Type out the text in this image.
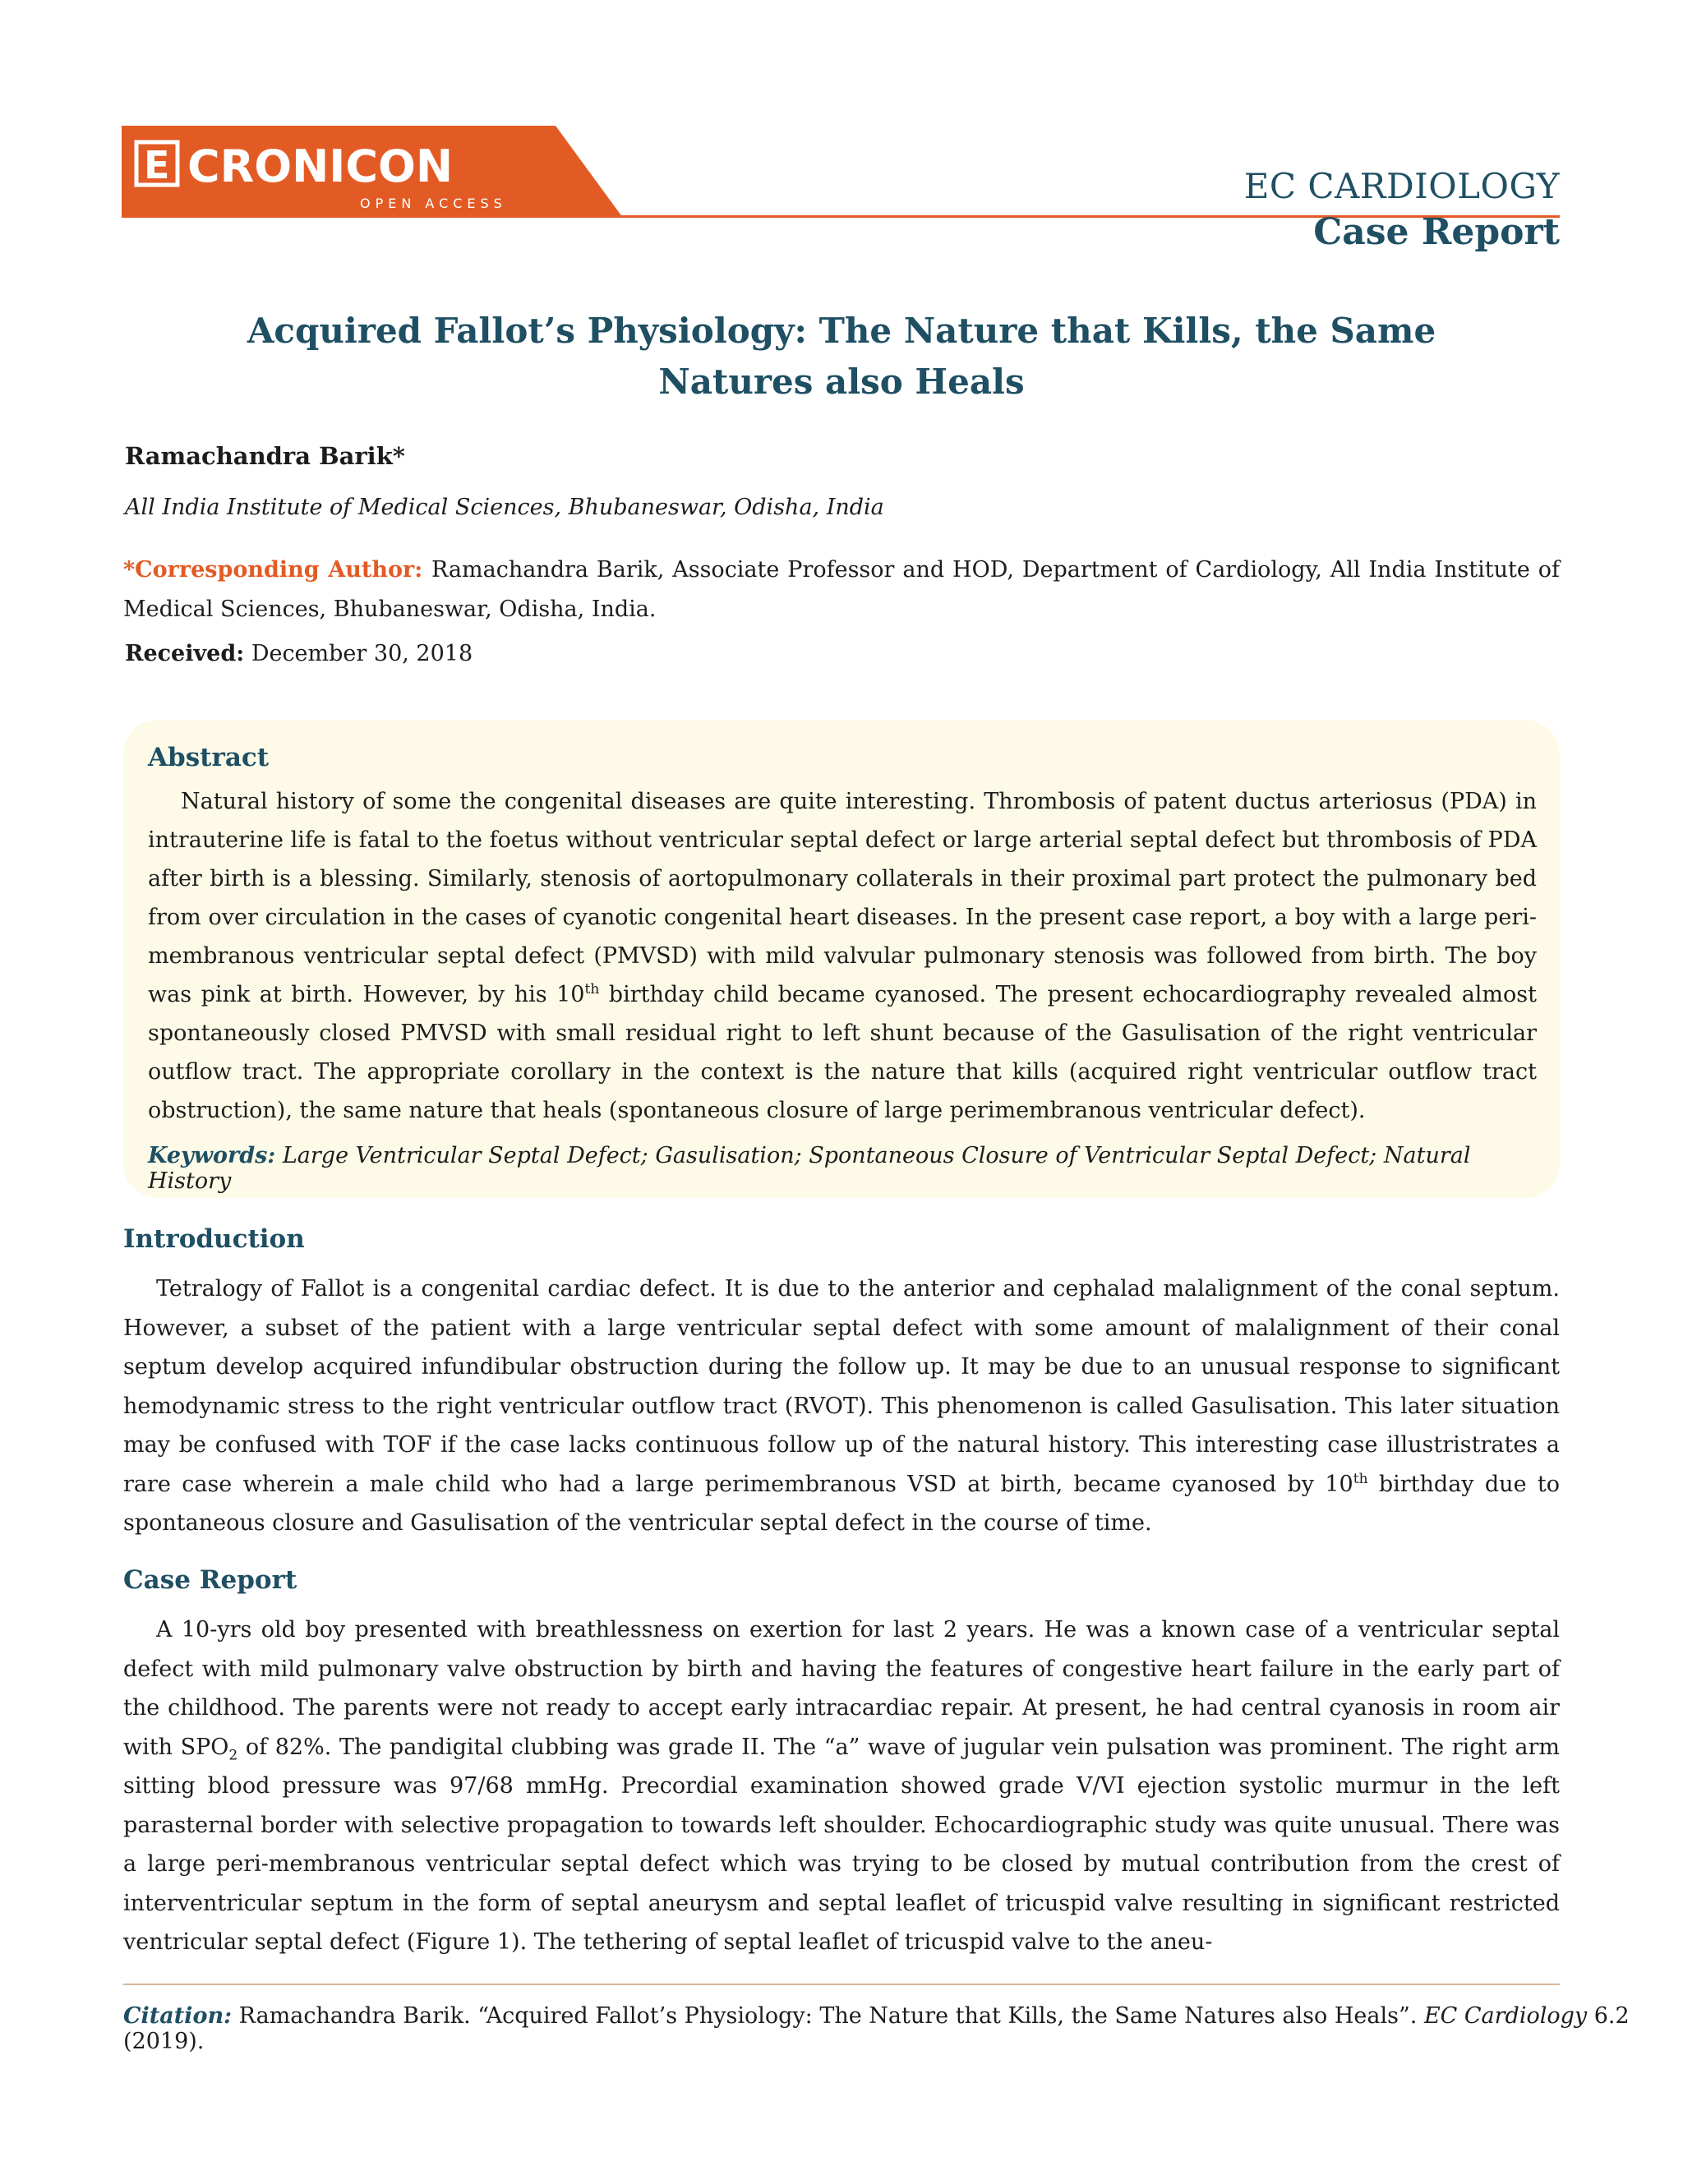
E CRONICON
OPEN ACCESS	EC CARDIOLOGY
Case Report
Acquired Fallot’s Physiology: The Nature that Kills, the Same
Natures also Heals
Ramachandra Barik*
All India Institute of Medical Sciences, Bhubaneswar, Odisha, India
*Corresponding Author: Ramachandra Barik, Associate Professor and HOD, Department of Cardiology, All India Institute of Medical Sciences, Bhubaneswar, Odisha, India.
Received: December 30, 2018
Abstract

Natural history of some the congenital diseases are quite interesting. Thrombosis of patent ductus arteriosus (PDA) in intrauterine life is fatal to the foetus without ventricular septal defect or large arterial septal defect but thrombosis of PDA after birth is a blessing. Similarly, stenosis of aortopulmonary collaterals in their proximal part protect the pulmonary bed from over circulation in the cases of cyanotic congenital heart diseases. In the present case report, a boy with a large peri-membranous ventricular septal defect (PMVSD) with mild valvular pulmonary stenosis was followed from birth. The boy was pink at birth. However, by his 10th birthday child became cyanosed. The present echocardiography revealed almost spontaneously closed PMVSD with small residual right to left shunt because of the Gasulisation of the right ventricular outflow tract. The appropriate corollary in the context is the nature that kills (acquired right ventricular outflow tract obstruction), the same nature that heals (spontaneous closure of large perimembranous ventricular defect).

Keywords: Large Ventricular Septal Defect; Gasulisation; Spontaneous Closure of Ventricular Septal Defect; Natural History
Introduction

Tetralogy of Fallot is a congenital cardiac defect. It is due to the anterior and cephalad malalignment of the conal septum. However, a subset of the patient with a large ventricular septal defect with some amount of malalignment of their conal septum develop acquired infundibular obstruction during the follow up. It may be due to an unusual response to significant hemodynamic stress to the right ventricular outflow tract (RVOT). This phenomenon is called Gasulisation. This later situation may be confused with TOF if the case lacks continuous follow up of the natural history. This interesting case illustristrates a rare case wherein a male child who had a large perimembranous VSD at birth, became cyanosed by 10th birthday due to spontaneous closure and Gasulisation of the ventricular septal defect in the course of time.

Case Report

A 10-yrs old boy presented with breathlessness on exertion for last 2 years. He was a known case of a ventricular septal defect with mild pulmonary valve obstruction by birth and having the features of congestive heart failure in the early part of the childhood. The parents were not ready to accept early intracardiac repair. At present, he had central cyanosis in room air with $SPO_2$ of 82%. The pandigital clubbing was grade II. The “a” wave of jugular vein pulsation was prominent. The right arm sitting blood pressure was 97/68 mmHg. Precordial examination showed grade V/VI ejection systolic murmur in the left parasternal border with selective propagation to towards left shoulder. Echocardiographic study was quite unusual. There was a large peri-membranous ventricular septal defect which was trying to be closed by mutual contribution from the crest of interventricular septum in the form of septal aneurysm and septal leaflet of tricuspid valve resulting in significant restricted ventricular septal defect (Figure 1). The tethering of septal leaflet of tricuspid valve to the aneu-

Citation: Ramachandra Barik. “Acquired Fallot’s Physiology: The Nature that Kills, the Same Natures also Heals”. EC Cardiology 6.2 (2019).
